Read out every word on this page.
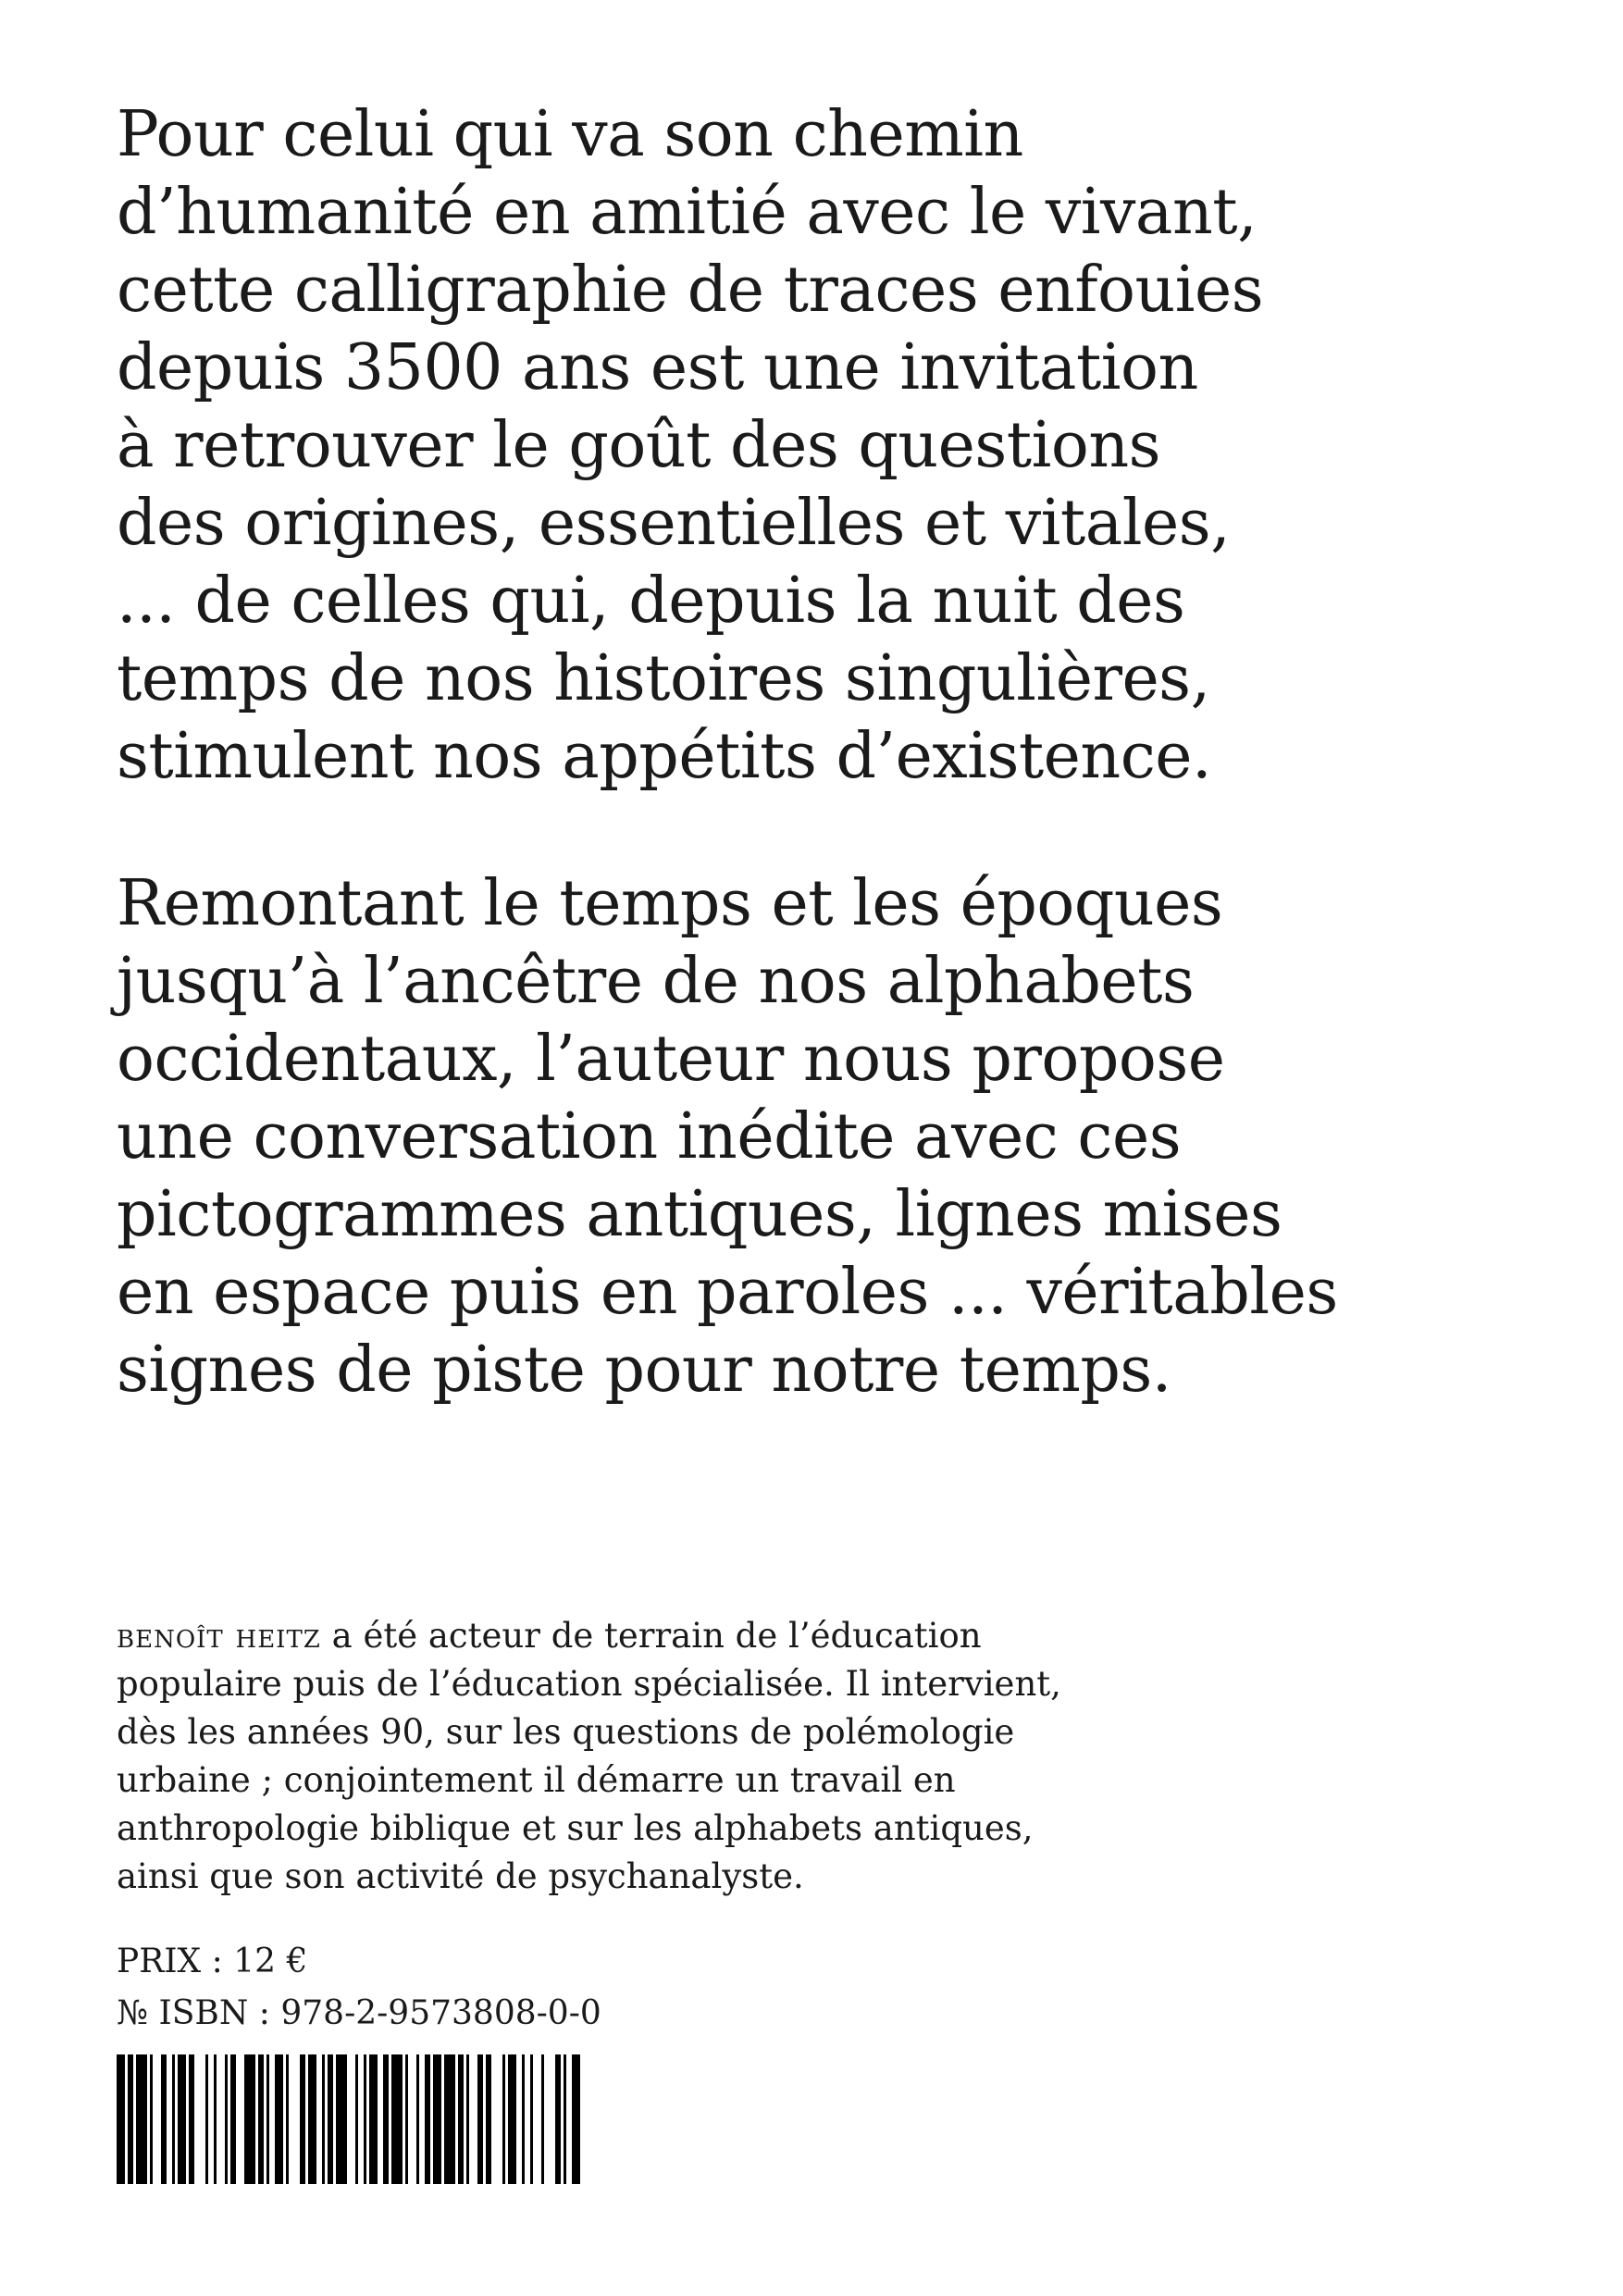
Pour celui qui va son chemin
d’humanité en amitié avec le vivant,
cette calligraphie de traces enfouies
depuis 3500 ans est une invitation
à retrouver le goût des questions
des origines, essentielles et vitales,
... de celles qui, depuis la nuit des
temps de nos histoires singulières,
stimulent nos appétits d’existence.
Remontant le temps et les époques
jusqu’à l’ancêtre de nos alphabets
occidentaux, l’auteur nous propose
une conversation inédite avec ces
pictogrammes antiques, lignes mises
en espace puis en paroles ... véritables
signes de piste pour notre temps.
benoît heitz a été acteur de terrain de l’éducation
populaire puis de l’éducation spécialisée. Il intervient,
dès les années 90, sur les questions de polémologie
urbaine ; conjointement il démarre un travail en
anthropologie biblique et sur les alphabets antiques,
ainsi que son activité de psychanalyste.
PRIX : 12 €
№ ISBN : 978-2-9573808-0-0
